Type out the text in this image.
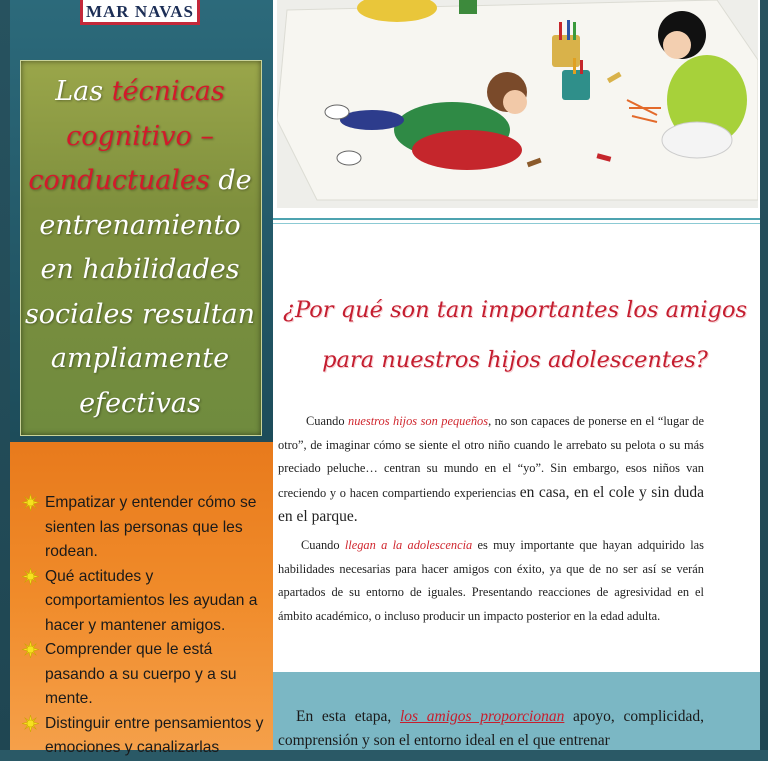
MAR NAVAS
Las técnicas cognitivo – conductuales de entrenamiento en habilidades sociales resultan ampliamente efectivas
Empatizar y entender cómo se sienten las personas que les rodean.
Qué actitudes y comportamientos les ayudan a hacer y mantener amigos.
Comprender que le está pasando a su cuerpo y a su mente.
Distinguir entre pensamientos y emociones y canalizarlas
¿Por qué son tan importantes los amigos
para nuestros hijos adolescentes?

Cuando nuestros hijos son pequeños, no son capaces de ponerse en el “lugar de otro”, de imaginar cómo se siente el otro niño cuando le arrebato su pelota o su más preciado peluche… centran su mundo en el “yo”. Sin embargo, esos niños van creciendo y o hacen compartiendo experiencias en casa, en el cole y sin duda en el parque.

Cuando llegan a la adolescencia es muy importante que hayan adquirido las habilidades necesarias para hacer amigos con éxito, ya que de no ser así se verán apartados de su entorno de iguales. Presentando reacciones de agresividad en el ámbito académico, o incluso producir un impacto posterior en la edad adulta.

En esta etapa, los amigos proporcionan apoyo, complicidad, comprensión y son el entorno ideal en el que entrenar
